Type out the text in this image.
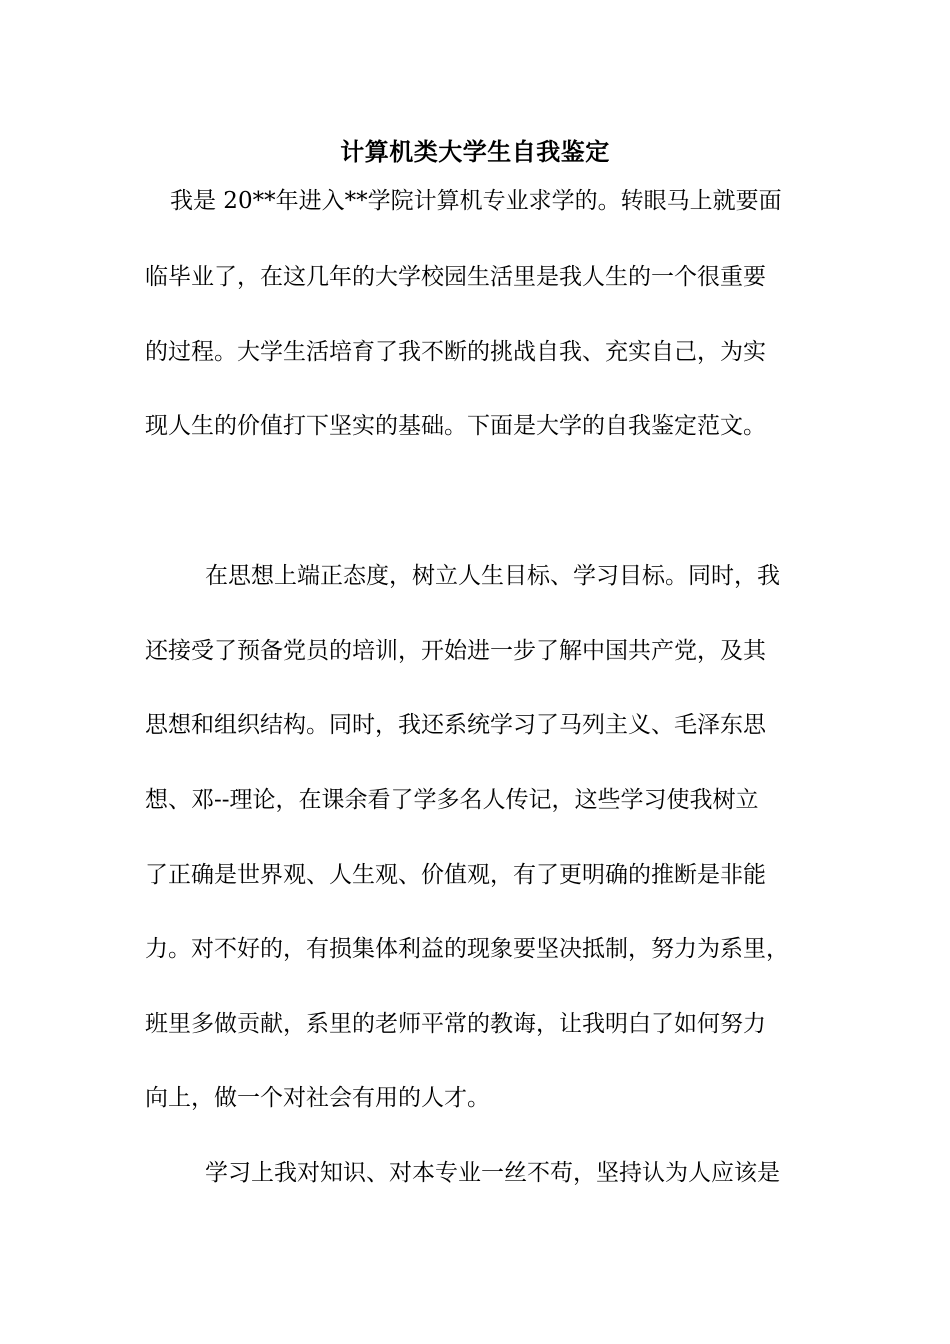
计算机类大学生自我鉴定
我是 20**年进入**学院计算机专业求学的。转眼马上就要面
临毕业了，在这几年的大学校园生活里是我人生的一个很重要
的过程。大学生活培育了我不断的挑战自我、充实自己，为实
现人生的价值打下坚实的基础。下面是大学的自我鉴定范文。
在思想上端正态度，树立人生目标、学习目标。同时，我
还接受了预备党员的培训，开始进一步了解中国共产党，及其
思想和组织结构。同时，我还系统学习了马列主义、毛泽东思
想、邓--理论，在课余看了学多名人传记，这些学习使我树立
了正确是世界观、人生观、价值观，有了更明确的推断是非能
力。对不好的，有损集体利益的现象要坚决抵制，努力为系里，
班里多做贡献，系里的老师平常的教诲，让我明白了如何努力
向上，做一个对社会有用的人才。
学习上我对知识、对本专业一丝不苟，坚持认为人应该是
